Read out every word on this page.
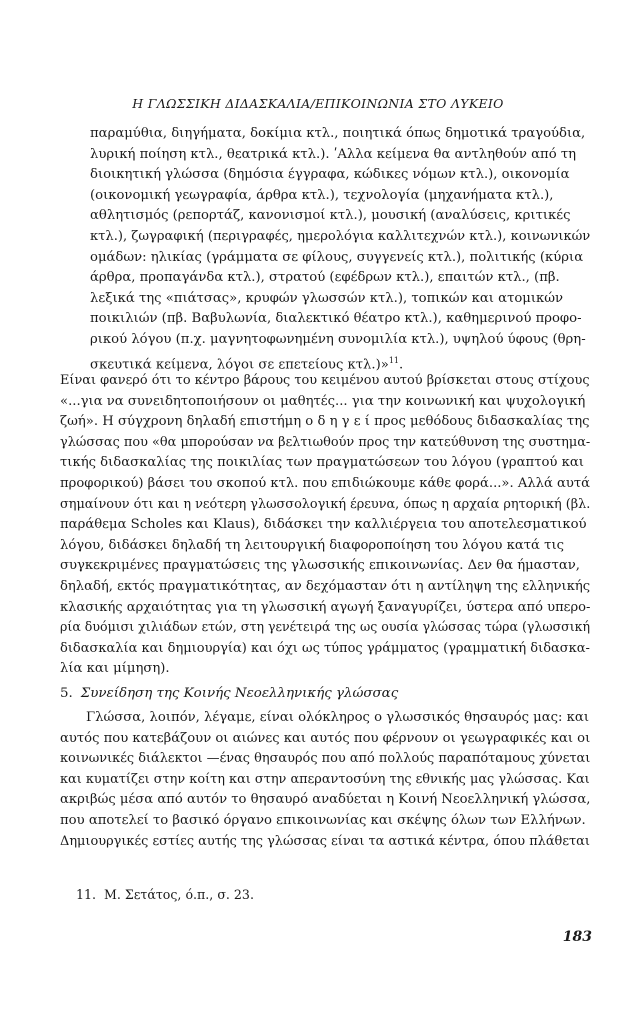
Η ΓΛΩΣΣΙΚΗ ΔΙΔΑΣΚΑΛΙΑ/ΕΠΙΚΟΙΝΩΝΙΑ ΣΤΟ ΛΥΚΕΙΟ
παραμύθια, διηγήματα, δοκίμια κτλ., ποιητικά όπως δημοτικά τραγούδια,
λυρική ποίηση κτλ., θεατρικά κτλ.). ʹΑλλα κείμενα θα αντληθούν από τη
διοικητική γλώσσα (δημόσια έγγραφα, κώδικες νόμων κτλ.), οικονομία
(οικονομική γεωγραφία, άρθρα κτλ.), τεχνολογία (μηχανήματα κτλ.),
αθλητισμός (ρεπορτάζ, κανονισμοί κτλ.), μουσική (αναλύσεις, κριτικές
κτλ.), ζωγραφική (περιγραφές, ημερολόγια καλλιτεχνών κτλ.), κοινωνικών
ομάδων: ηλικίας (γράμματα σε φίλους, συγγενείς κτλ.), πολιτικής (κύρια
άρθρα, προπαγάνδα κτλ.), στρατού (εφέδρων κτλ.), επαιτών κτλ., (πβ.
λεξικά της «πιάτσας», κρυφών γλωσσών κτλ.), τοπικών και ατομικών
ποικιλιών (πβ. Βαβυλωνία, διαλεκτικό θέατρο κτλ.), καθημερινού προφο-
ρικού λόγου (π.χ. μαγνητοφωνημένη συνομιλία κτλ.), υψηλού ύφους (θρη-
σκευτικά κείμενα, λόγοι σε επετείους κτλ.)»$^{11}$.
Είναι φανερό ότι το κέντρο βάρους του κειμένου αυτού βρίσκεται στους στίχους
«...για να συνειδητοποιήσουν οι μαθητές... για την κοινωνική και ψυχολογική
ζωή». Η σύγχρονη δηλαδή επιστήμη ο δ η γ ε ί προς μεθόδους διδασκαλίας της
γλώσσας που «θα μπορούσαν να βελτιωθούν προς την κατεύθυνση της συστημα-
τικής διδασκαλίας της ποικιλίας των πραγματώσεων του λόγου (γραπτού και
προφορικού) βάσει του σκοπού κτλ. που επιδιώκουμε κάθε φορά...». Αλλά αυτά
σημαίνουν ότι και η νεότερη γλωσσολογική έρευνα, όπως η αρχαία ρητορική (βλ.
παράθεμα Scholes και Klaus), διδάσκει την καλλιέργεια του αποτελεσματικού
λόγου, διδάσκει δηλαδή τη λειτουργική διαφοροποίηση του λόγου κατά τις
συγκεκριμένες πραγματώσεις της γλωσσικής επικοινωνίας. Δεν θα ήμασταν,
δηλαδή, εκτός πραγματικότητας, αν δεχόμασταν ότι η αντίληψη της ελληνικής
κλασικής αρχαιότητας για τη γλωσσική αγωγή ξαναγυρίζει, ύστερα από υπερο-
ρία δυόμισι χιλιάδων ετών, στη γενέτειρά της ως ουσία γλώσσας τώρα (γλωσσική
διδασκαλία και δημιουργία) και όχι ως τύπος γράμματος (γραμματική διδασκα-
λία και μίμηση).
5. Συνείδηση της Κοινής Νεοελληνικής γλώσσας
Γλώσσα, λοιπόν, λέγαμε, είναι ολόκληρος ο γλωσσικός θησαυρός μας: και
αυτός που κατεβάζουν οι αιώνες και αυτός που φέρνουν οι γεωγραφικές και οι
κοινωνικές διάλεκτοι —ένας θησαυρός που από πολλούς παραπόταμους χύνεται
και κυματίζει στην κοίτη και στην απεραντοσύνη της εθνικής μας γλώσσας. Και
ακριβώς μέσα από αυτόν το θησαυρό αναδύεται η Κοινή Νεοελληνική γλώσσα,
που αποτελεί το βασικό όργανο επικοινωνίας και σκέψης όλων των Ελλήνων.
Δημιουργικές εστίες αυτής της γλώσσας είναι τα αστικά κέντρα, όπου πλάθεται
11. Μ. Σετάτος, ό.π., σ. 23.
183
